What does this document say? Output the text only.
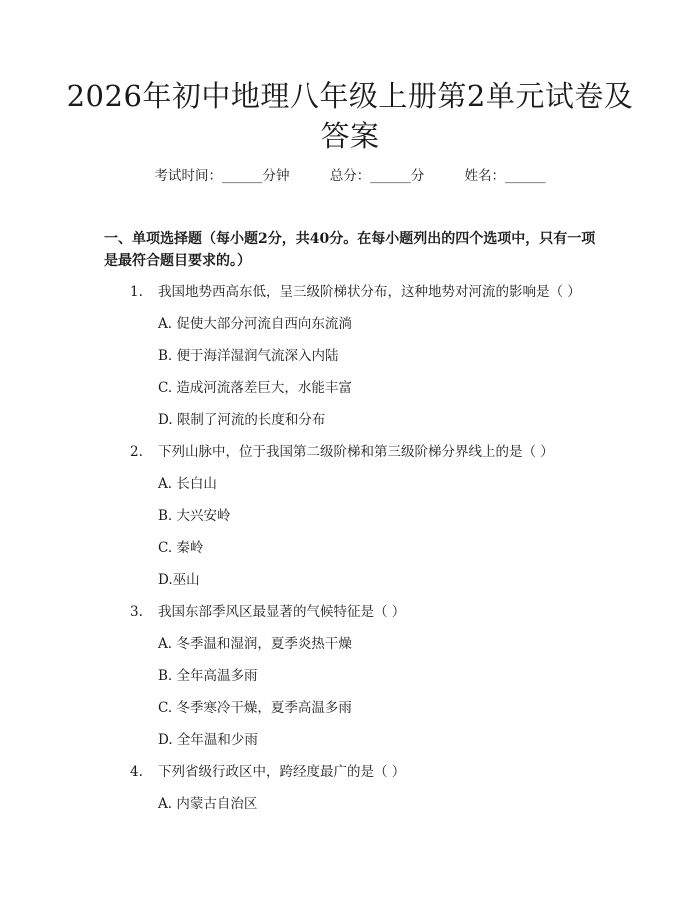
2026年初中地理八年级上册第2单元试卷及答案
考试时间：______分钟	总分：______分	姓名：______
一、单项选择题（每小题2分，共40分。在每小题列出的四个选项中，只有一项是最符合题目要求的。）
1. 我国地势西高东低，呈三级阶梯状分布，这种地势对河流的影响是（ ）
A. 促使大部分河流自西向东流淌
B. 便于海洋湿润气流深入内陆
C. 造成河流落差巨大，水能丰富
D. 限制了河流的长度和分布
2. 下列山脉中，位于我国第二级阶梯和第三级阶梯分界线上的是（ ）
A. 长白山
B. 大兴安岭
C. 秦岭
D.巫山
3. 我国东部季风区最显著的气候特征是（ ）
A. 冬季温和湿润，夏季炎热干燥
B. 全年高温多雨
C. 冬季寒冷干燥，夏季高温多雨
D. 全年温和少雨
4. 下列省级行政区中，跨经度最广的是（ ）
A. 内蒙古自治区
